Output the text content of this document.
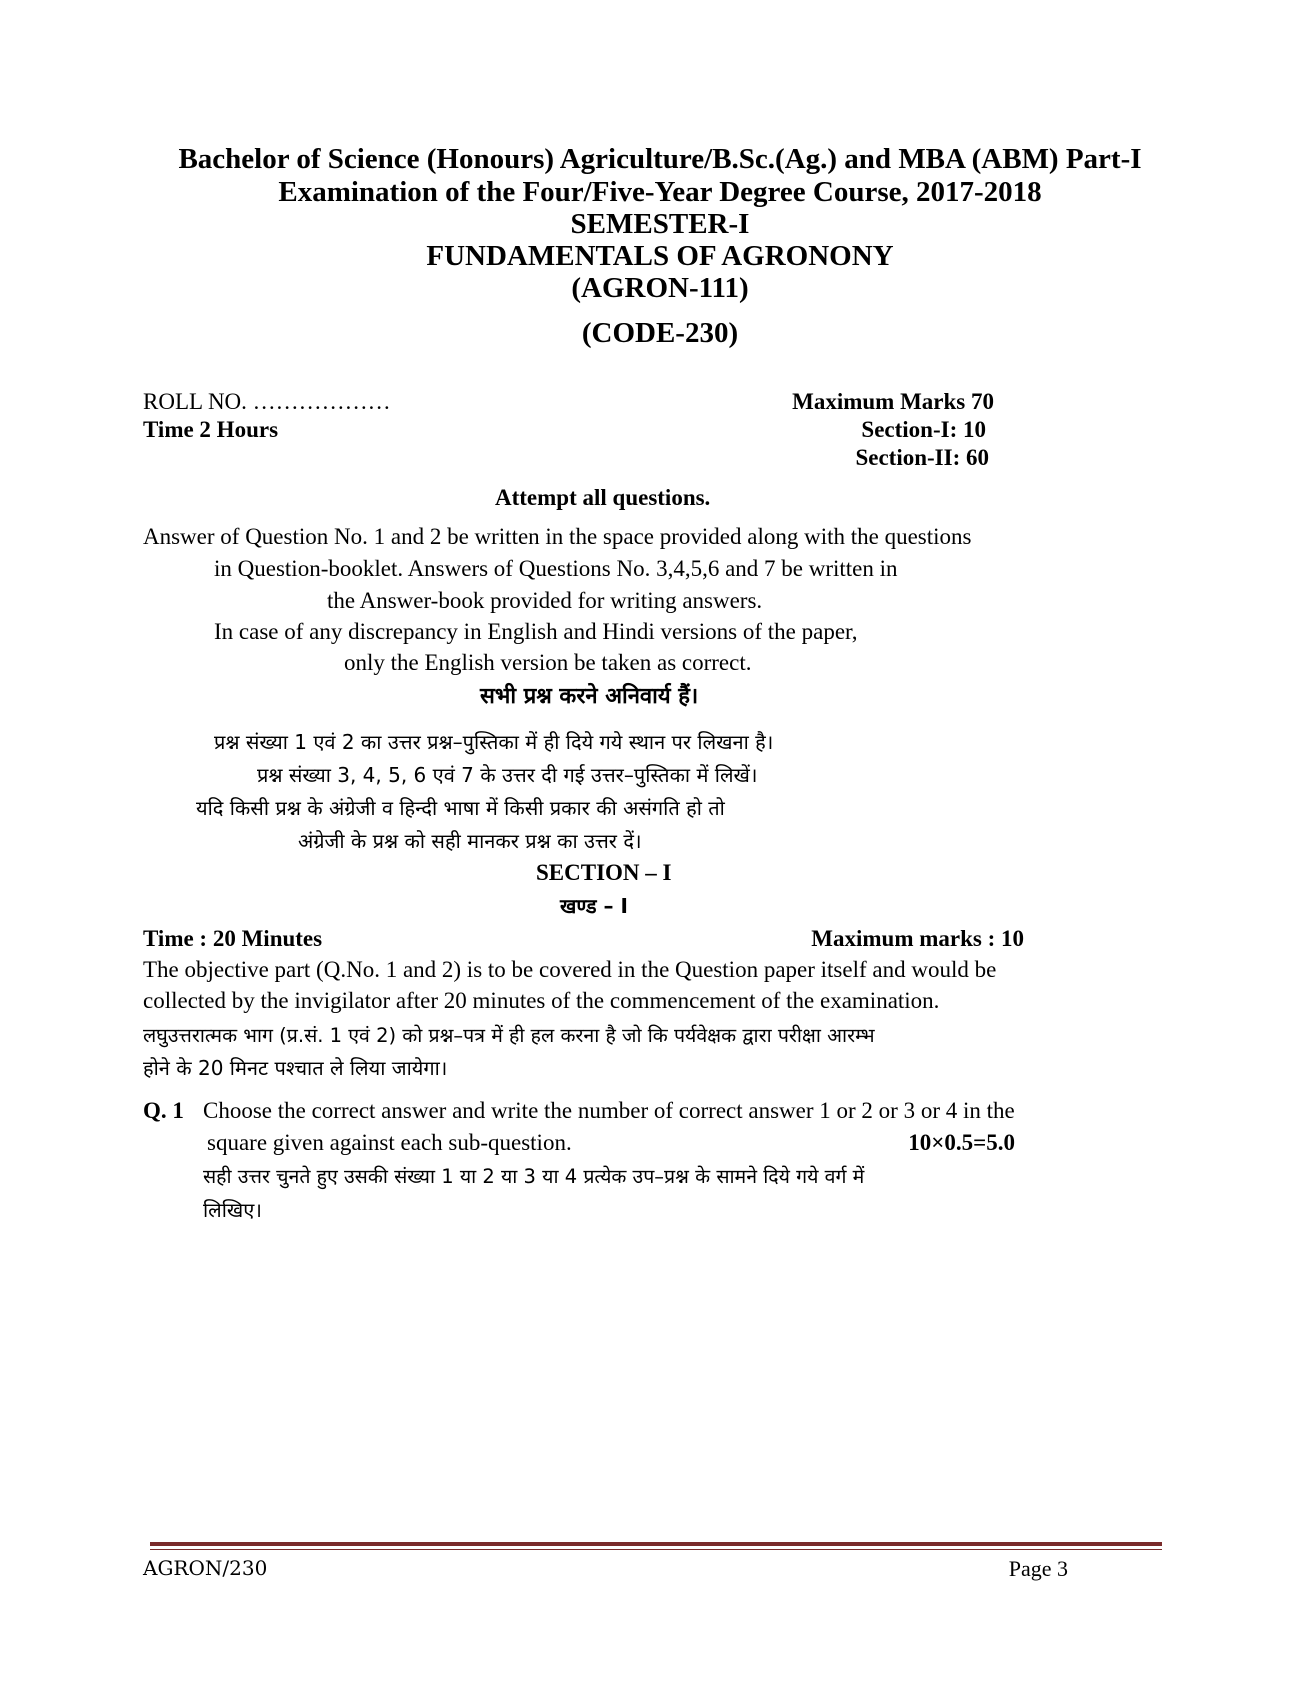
Bachelor of Science (Honours) Agriculture/B.Sc.(Ag.) and MBA (ABM) Part-I
Examination of the Four/Five-Year Degree Course, 2017-2018
SEMESTER-I
FUNDAMENTALS OF AGRONONY
(AGRON-111)
(CODE-230)
ROLL NO. ………………
Time 2 Hours
Maximum Marks 70
Section-I: 10
Section-II: 60
Attempt all questions.
Answer of Question No. 1 and 2 be written in the space provided along with the questions
in Question-booklet. Answers of Questions No. 3,4,5,6 and 7 be written in
the Answer-book provided for writing answers.
In case of any discrepancy in English and Hindi versions of the paper,
only the English version be taken as correct.
सभी प्रश्न करने अनिवार्य हैं।
प्रश्न संख्या 1 एवं 2 का उत्तर प्रश्न–पुस्तिका में ही दिये गये स्थान पर लिखना है।
प्रश्न संख्या 3, 4, 5, 6 एवं 7 के उत्तर दी गई उत्तर–पुस्तिका में लिखें।
यदि किसी प्रश्न के अंग्रेजी व हिन्दी भाषा में किसी प्रकार की असंगति हो तो
अंग्रेजी के प्रश्न को सही मानकर प्रश्न का उत्तर दें।
SECTION – I
खण्ड – I
Time : 20 Minutes	Maximum marks : 10
The objective part (Q.No. 1 and 2) is to be covered in the Question paper itself and would be
collected by the invigilator after 20 minutes of the commencement of the examination.
लघुउत्तरात्मक भाग (प्र.सं. 1 एवं 2) को प्रश्न–पत्र में ही हल करना है जो कि पर्यवेक्षक द्वारा परीक्षा आरम्भ
होने के 20 मिनट पश्चात ले लिया जायेगा।
Q. 1 Choose the correct answer and write the number of correct answer 1 or 2 or 3 or 4 in the
square given against each sub-question.	10×0.5=5.0
सही उत्तर चुनते हुए उसकी संख्या 1 या 2 या 3 या 4 प्रत्येक उप–प्रश्न के सामने दिये गये वर्ग में
लिखिए।
AGRON/230	Page 3
